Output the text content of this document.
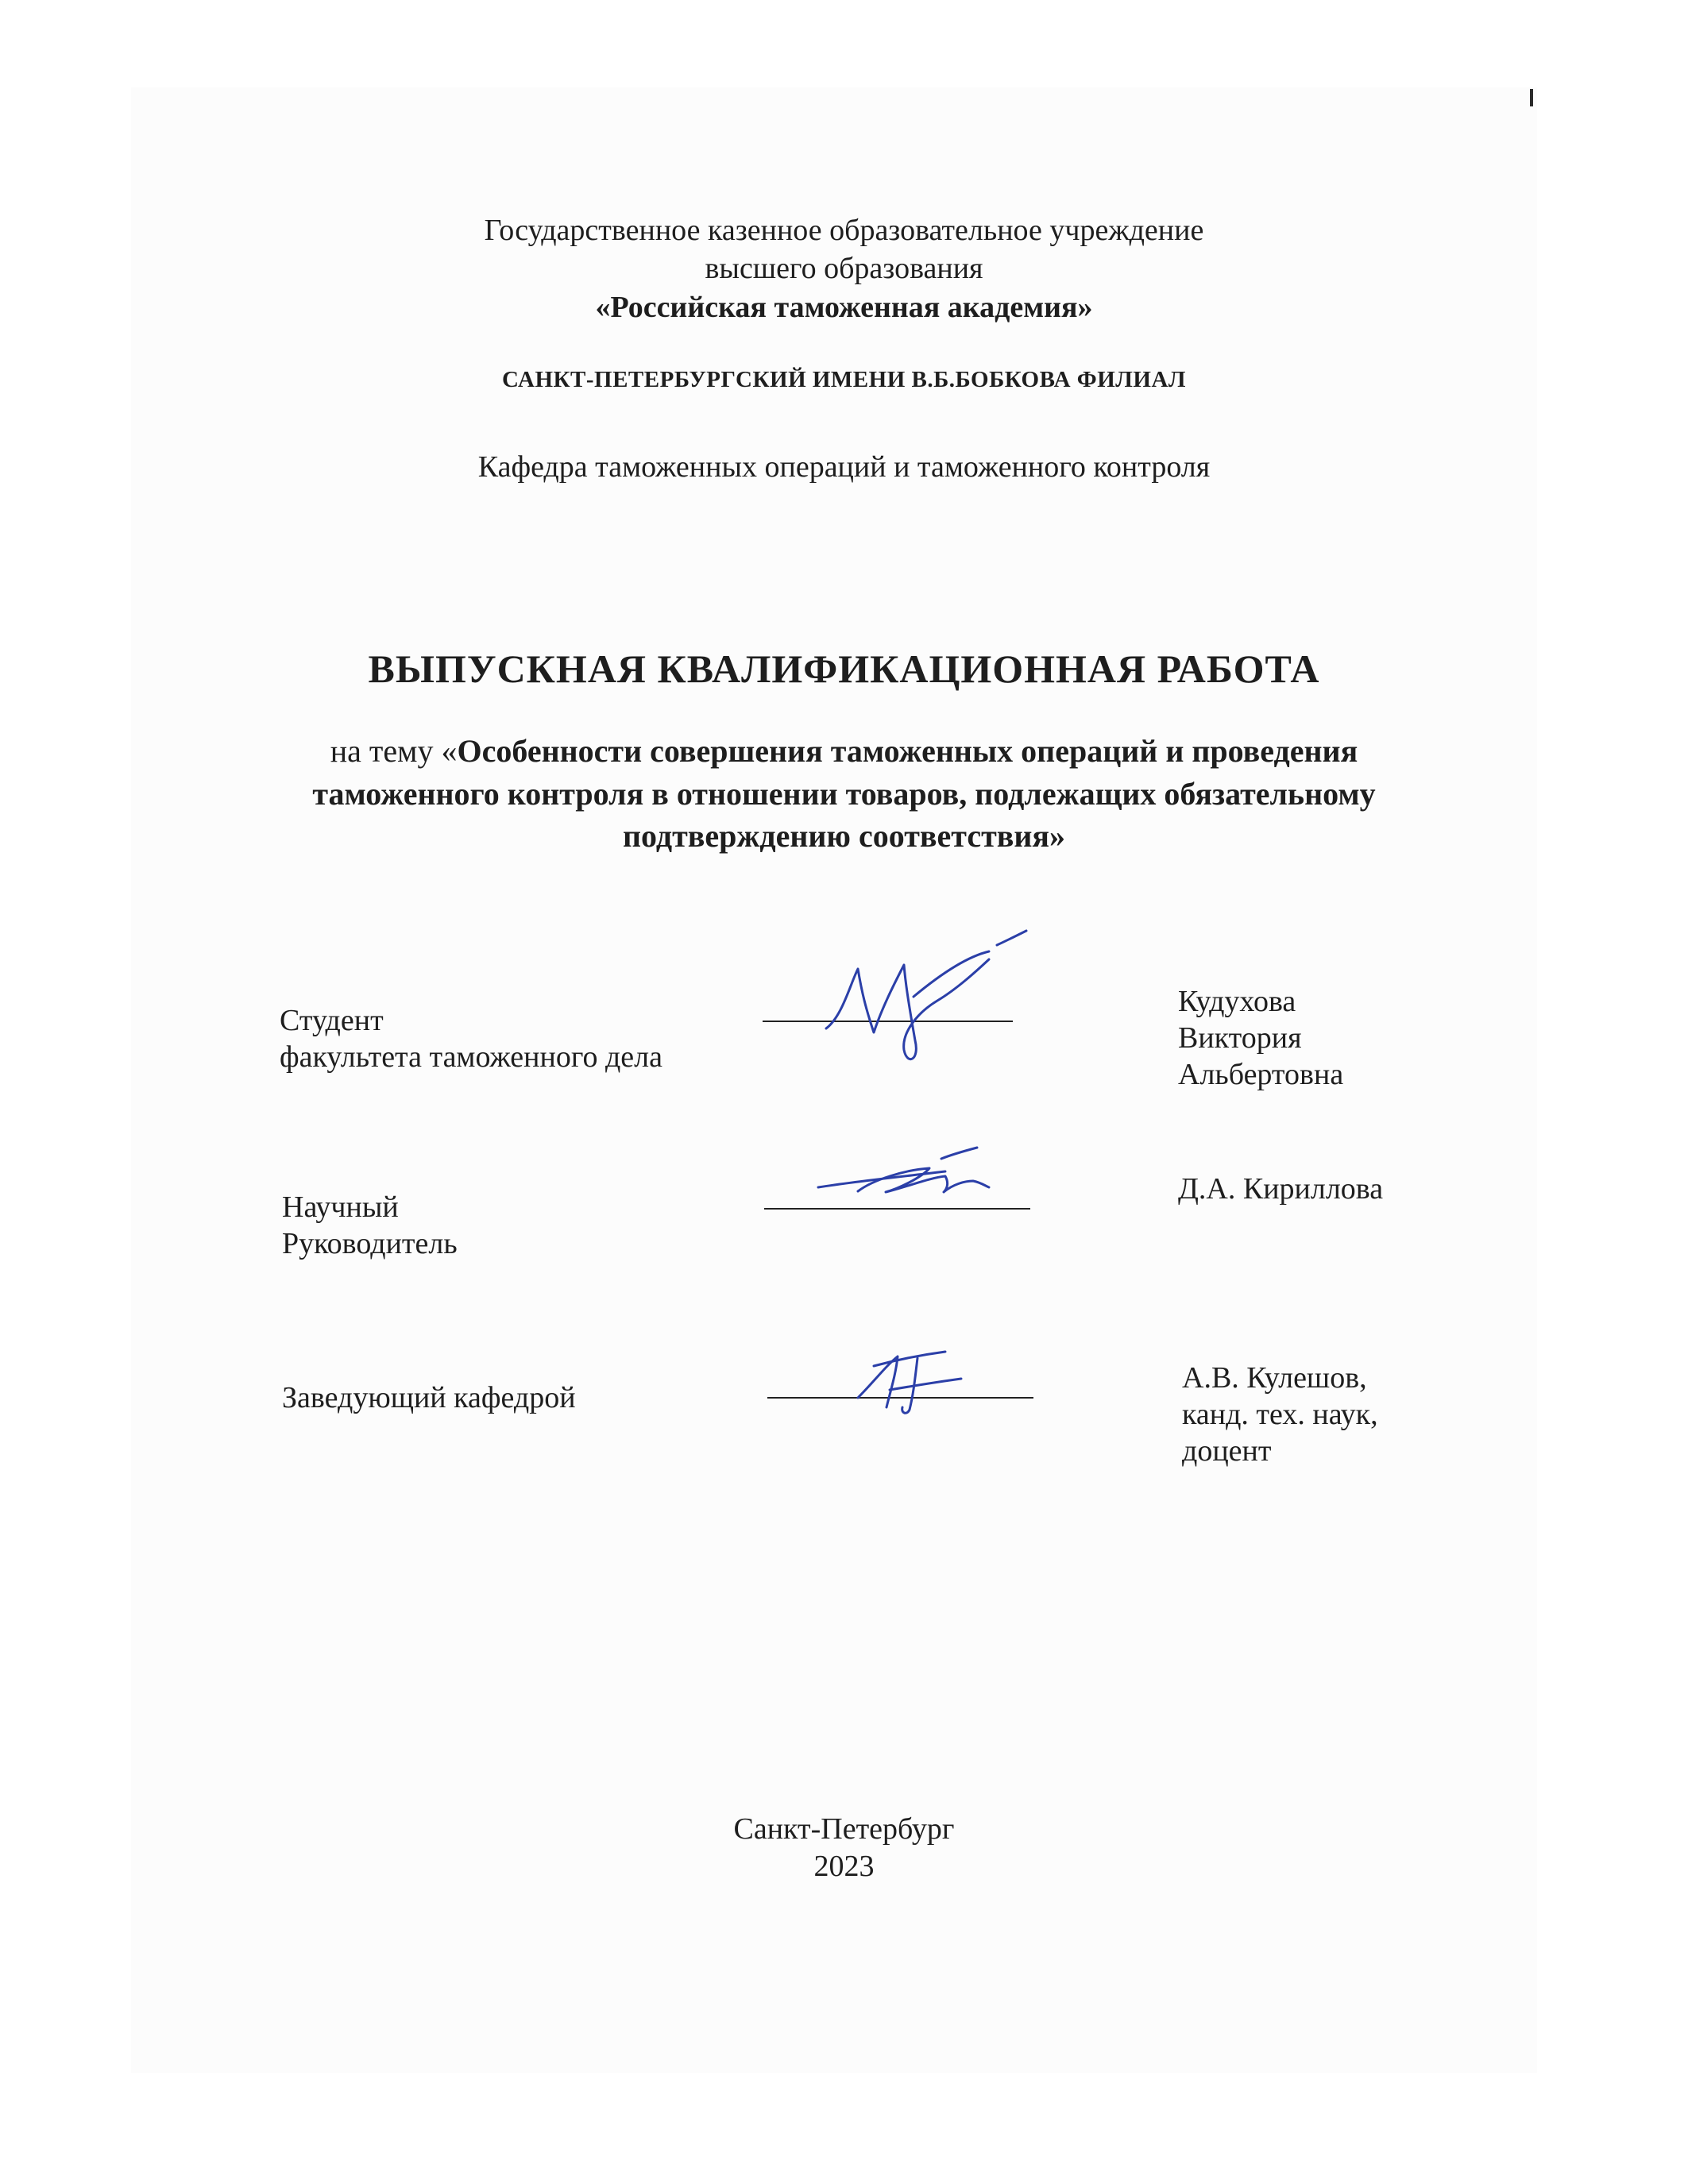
Государственное казенное образовательное учреждение
высшего образования
«Российская таможенная академия»
САНКТ-ПЕТЕРБУРГСКИЙ ИМЕНИ В.Б.БОБКОВА ФИЛИАЛ
Кафедра таможенных операций и таможенного контроля
ВЫПУСКНАЯ КВАЛИФИКАЦИОННАЯ РАБОТА
на тему «Особенности совершения таможенных операций и проведения
таможенного контроля в отношении товаров, подлежащих обязательному
подтверждению соответствия»
Студент
факультета таможенного дела
Кудухова
Виктория
Альбертовна
Научный
Руководитель
Д.А. Кириллова
Заведующий кафедрой
А.В. Кулешов,
канд. тех. наук,
доцент
Санкт-Петербург
2023
